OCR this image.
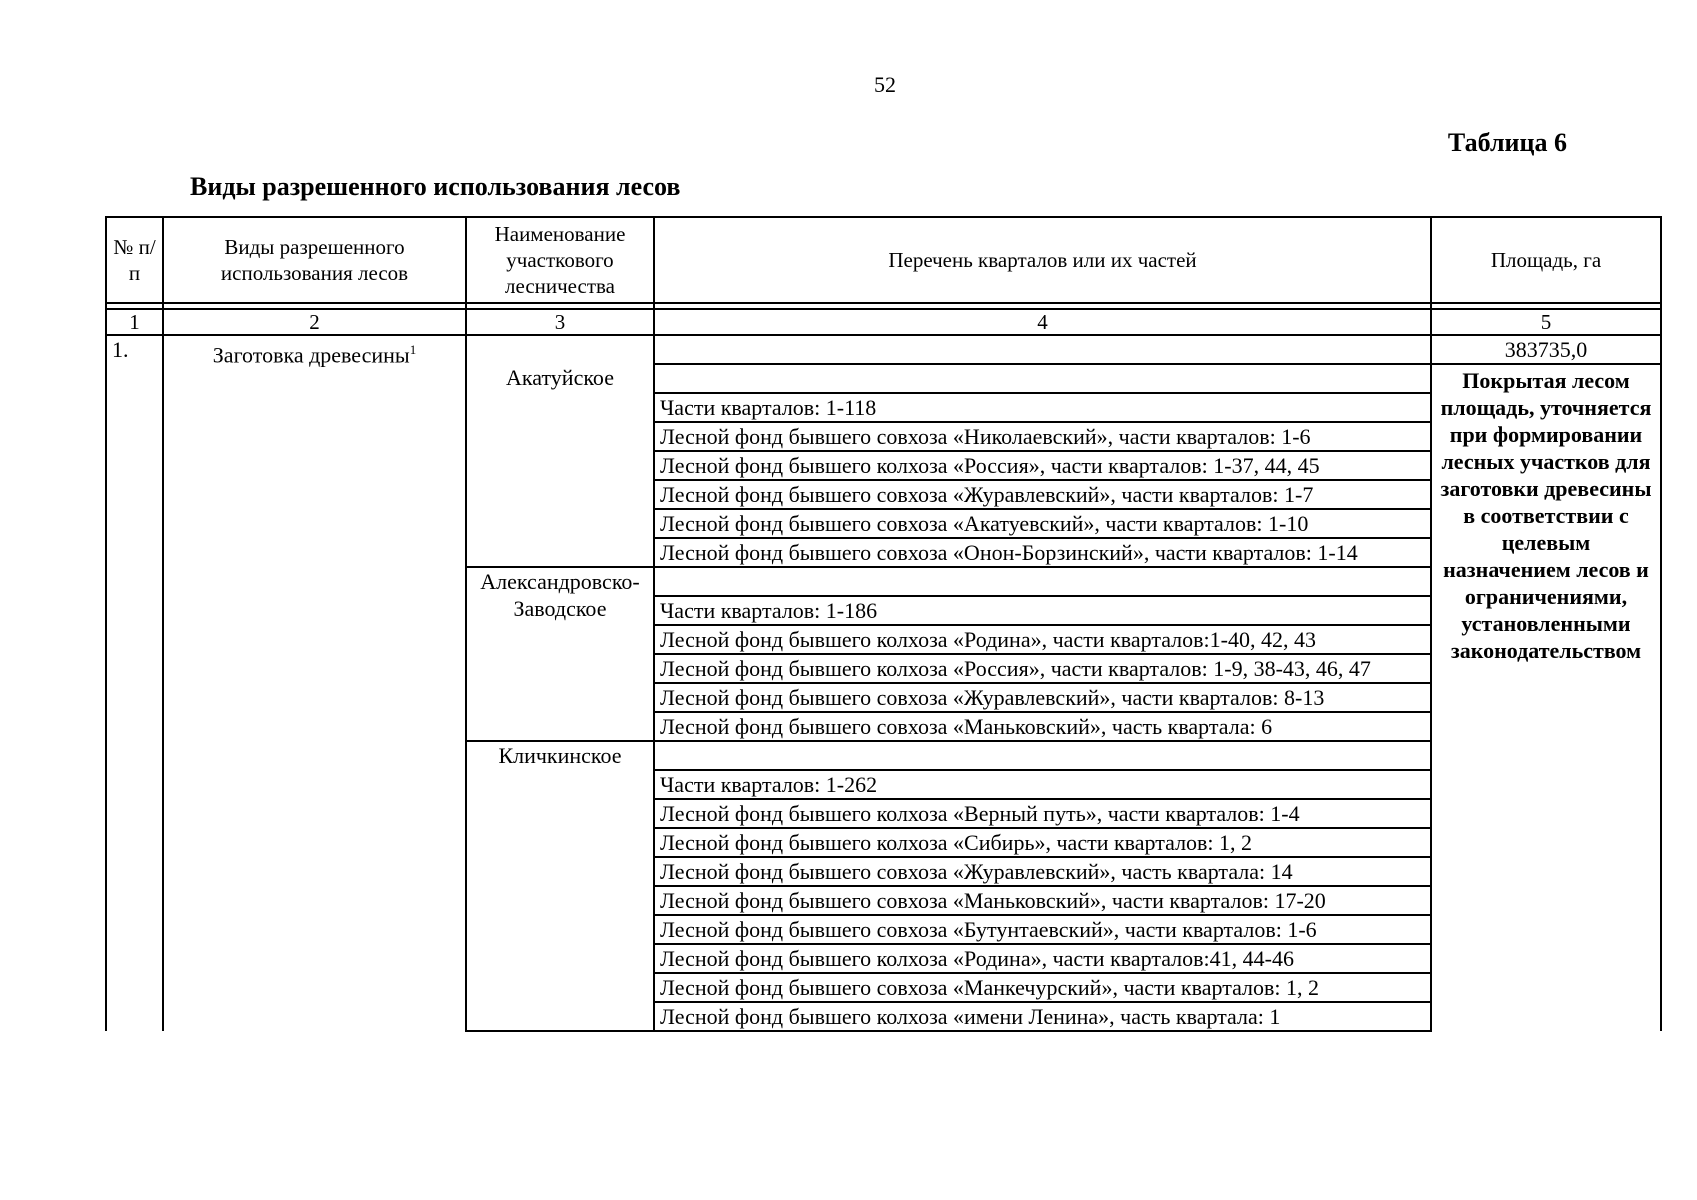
52
Таблица 6
Виды разрешенного использования лесов
№ п/п	Виды разрешенного использования лесов	Наименование участкового лесничества	Перечень кварталов или их частей	Площадь, га

1	2	3	4	5
1.	Заготовка древесины$^1$			383735,0
		Акатуйское		Покрытая лесом площадь, уточняется при формировании лесных участков для заготовки древесины в соответствии с целевым назначением лесов и ограничениями, установленными законодательством
			Части кварталов: 1-118	
			Лесной фонд бывшего совхоза «Николаевский», части кварталов: 1-6	
			Лесной фонд бывшего колхоза «Россия», части кварталов: 1-37, 44, 45	
			Лесной фонд бывшего совхоза «Журавлевский», части кварталов: 1-7	
			Лесной фонд бывшего совхоза «Акатуевский», части кварталов: 1-10	
			Лесной фонд бывшего совхоза «Онон-Борзинский», части кварталов: 1-14	
		Александровско-Заводское		
			Части кварталов: 1-186	
			Лесной фонд бывшего колхоза «Родина», части кварталов:1-40, 42, 43	
			Лесной фонд бывшего колхоза «Россия», части кварталов: 1-9, 38-43, 46, 47	
			Лесной фонд бывшего совхоза «Журавлевский», части кварталов: 8-13	
			Лесной фонд бывшего совхоза «Маньковский», часть квартала: 6	
		Кличкинское		
			Части кварталов: 1-262	
			Лесной фонд бывшего колхоза «Верный путь», части кварталов: 1-4	
			Лесной фонд бывшего колхоза «Сибирь», части кварталов: 1, 2	
			Лесной фонд бывшего совхоза «Журавлевский», часть квартала: 14	
			Лесной фонд бывшего совхоза «Маньковский», части кварталов: 17-20	
			Лесной фонд бывшего совхоза «Бутунтаевский», части кварталов: 1-6	
			Лесной фонд бывшего колхоза «Родина», части кварталов:41, 44-46	
			Лесной фонд бывшего совхоза «Манкечурский», части кварталов: 1, 2	
			Лесной фонд бывшего колхоза «имени Ленина», часть квартала: 1	
